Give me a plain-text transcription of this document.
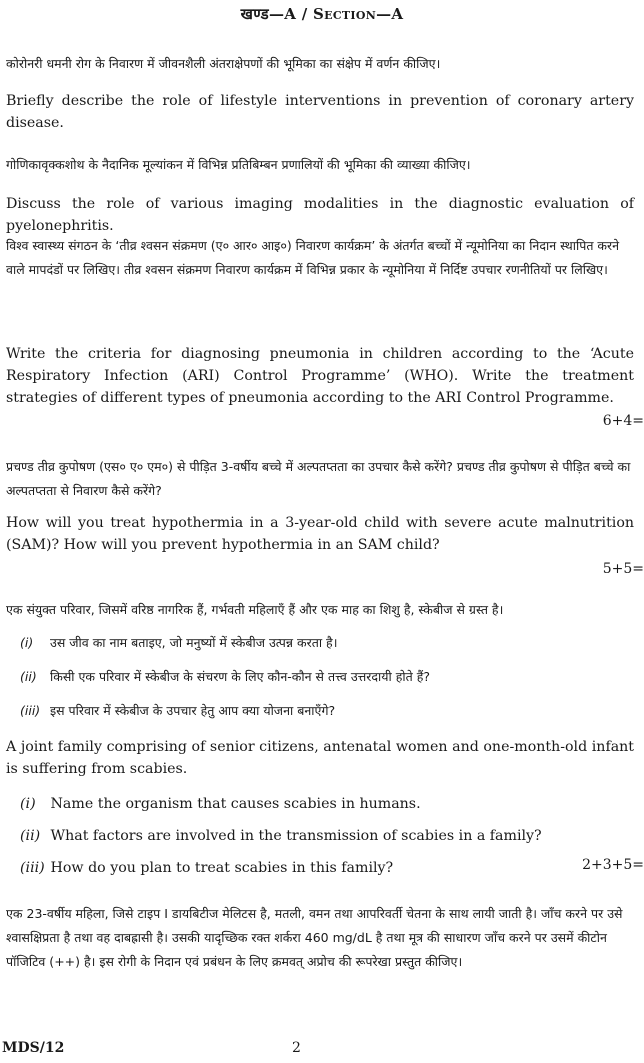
खण्ड—A / Section—A
कोरोनरी धमनी रोग के निवारण में जीवनशैली अंतराक्षेपणों की भूमिका का संक्षेप में वर्णन कीजिए।
Briefly describe the role of lifestyle interventions in prevention of coronary artery disease.
गोणिकावृक्कशोथ के नैदानिक मूल्यांकन में विभिन्न प्रतिबिम्बन प्रणालियों की भूमिका की व्याख्या कीजिए।
Discuss the role of various imaging modalities in the diagnostic evaluation of pyelonephritis.
विश्व स्वास्थ्य संगठन के ‘तीव्र श्वसन संक्रमण (ए० आर० आइ०) निवारण कार्यक्रम’ के अंतर्गत बच्चों में न्यूमोनिया का निदान स्थापित करने वाले मापदंडों पर लिखिए। तीव्र श्वसन संक्रमण निवारण कार्यक्रम में विभिन्न प्रकार के न्यूमोनिया में निर्दिष्ट उपचार रणनीतियों पर लिखिए।
Write the criteria for diagnosing pneumonia in children according to the ‘Acute Respiratory Infection (ARI) Control Programme’ (WHO). Write the treatment strategies of different types of pneumonia according to the ARI Control Programme.
6+4=
प्रचण्ड तीव्र कुपोषण (एस० ए० एम०) से पीड़ित 3-वर्षीय बच्चे में अल्पतप्तता का उपचार कैसे करेंगे? प्रचण्ड तीव्र कुपोषण से पीड़ित बच्चे का अल्पतप्तता से निवारण कैसे करेंगे?
How will you treat hypothermia in a 3-year-old child with severe acute malnutrition (SAM)? How will you prevent hypothermia in an SAM child?
5+5=
एक संयुक्त परिवार, जिसमें वरिष्ठ नागरिक हैं, गर्भवती महिलाएँ हैं और एक माह का शिशु है, स्केबीज से ग्रस्त है।
(i) उस जीव का नाम बताइए, जो मनुष्यों में स्केबीज उत्पन्न करता है।
(ii) किसी एक परिवार में स्केबीज के संचरण के लिए कौन-कौन से तत्त्व उत्तरदायी होते हैं?
(iii) इस परिवार में स्केबीज के उपचार हेतु आप क्या योजना बनाएँगे?
A joint family comprising of senior citizens, antenatal women and one-month-old infant is suffering from scabies.
(i) Name the organism that causes scabies in humans.
(ii) What factors are involved in the transmission of scabies in a family?
(iii) How do you plan to treat scabies in this family?	2+3+5=
एक 23-वर्षीय महिला, जिसे टाइप I डायबिटीज मेलिटस है, मतली, वमन तथा आपरिवर्ती चेतना के साथ लायी जाती है। जाँच करने पर उसे श्वासक्षिप्रता है तथा वह दाबह्रासी है। उसकी यादृच्छिक रक्त शर्करा 460 mg/dL है तथा मूत्र की साधारण जाँच करने पर उसमें कीटोन पॉजिटिव (++) है। इस रोगी के निदान एवं प्रबंधन के लिए क्रमवत् अप्रोच की रूपरेखा प्रस्तुत कीजिए।
MDS/12	2
